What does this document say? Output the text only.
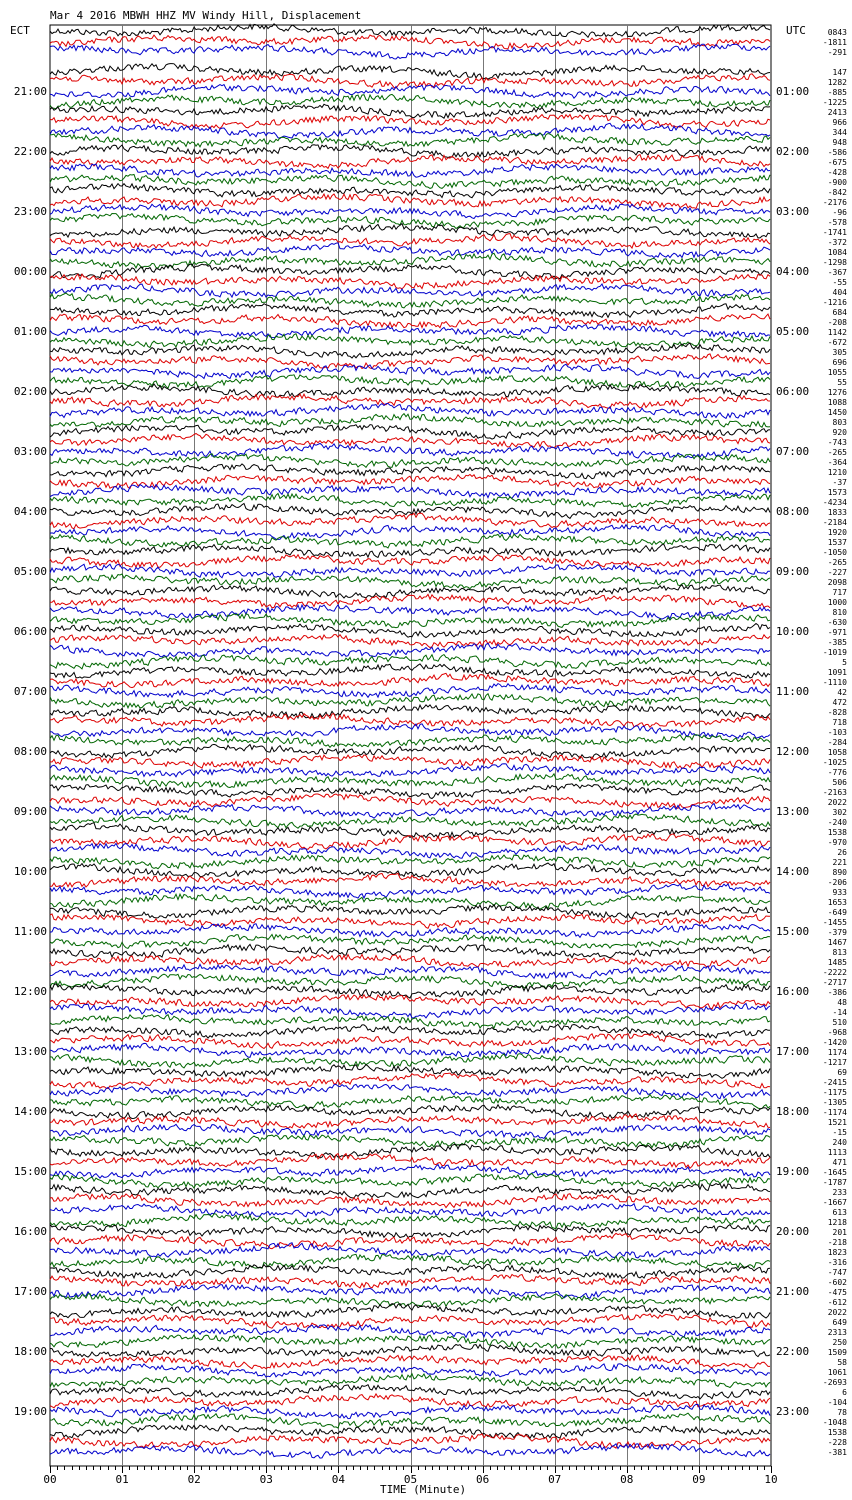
Mar 4 2016 MBWH HHZ MV Windy Hill, Displacement
ECT	UTC
TIME (Minute)
00	01	02	03	04	05	06	07	08	09	10
0843
-1811
-291
147
1282
-885
-1225
2413
966
344
948
-586
-675
-428
-900
-842
-2176
-96
-578
-1741
-372
1084
-1298
-367
-55
404
-1216
684
-208
1142
-672
305
696
1055
55
1276
1088
1450
803
920
-743
-265
-364
1210
-37
1573
-4234
1833
-2184
1920
1537
-1050
-265
-227
2098
717
1000
810
-630
-971
-385
-1019
5
1091
-1110
42
472
-828
718
-103
-284
1058
-1025
-776
506
-2163
2022
302
-240
1538
-970
26
221
890
-206
933
1653
-649
-1455
-379
1467
813
1485
-2222
-2717
-386
48
-14
510
-968
-1420
1174
-1217
69
-2415
-1175
-1305
-1174
1521
-15
240
1113
471
-1645
-1787
233
-1667
613
1218
201
-218
1823
-316
-747
-602
-475
-612
2022
649
2313
250
1509
58
1061
-2693
6
-104
78
-1048
1538
-228
-381
21:00
22:00
23:00
00:00
01:00
02:00
03:00
04:00
05:00
06:00
07:00
08:00
09:00
10:00
11:00
12:00
13:00
14:00
15:00
16:00
17:00
18:00
19:00
01:00
02:00
03:00
04:00
05:00
06:00
07:00
08:00
09:00
10:00
11:00
12:00
13:00
14:00
15:00
16:00
17:00
18:00
19:00
20:00
21:00
22:00
23:00
